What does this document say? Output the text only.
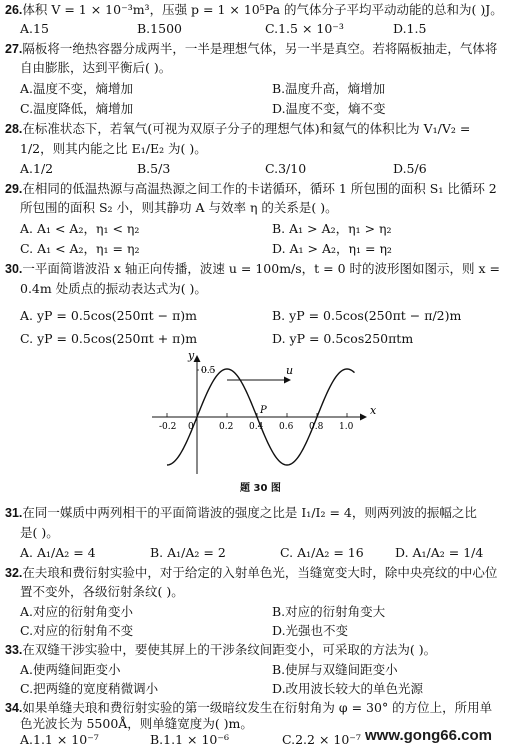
26.体积 V = 1 × 10⁻³m³，压强 p = 1 × 10⁵Pa 的气体分子平均平动动能的总和为( )J。
A.15	B.1500	C.1.5 × 10⁻³	D.1.5
27.隔板将一绝热容器分成两半，一半是理想气体，另一半是真空。若将隔板抽走，气体将
自由膨胀，达到平衡后( )。
A.温度不变，熵增加	B.温度升高，熵增加
C.温度降低，熵增加	D.温度不变，熵不变
28.在标准状态下，若氧气(可视为双原子分子的理想气体)和氦气的体积比为 V₁/V₂ =
1/2，则其内能之比 E₁/E₂ 为( )。
A.1/2	B.5/3	C.3/10	D.5/6
29.在相同的低温热源与高温热源之间工作的卡诺循环，循环 1 所包围的面积 S₁ 比循环 2
所包围的面积 S₂ 小，则其静功 A 与效率 η 的关系是( )。
A. A₁ < A₂，η₁ < η₂	B. A₁ > A₂，η₁ > η₂
C. A₁ < A₂，η₁ = η₂	D. A₁ > A₂，η₁ = η₂
30.一平面简谐波沿 x 轴正向传播，波速 u = 100m/s，t = 0 时的波形图如图示，则 x =
0.4m 处质点的振动表达式为( )。
A. yP = 0.5cos(250πt − π)m	B. yP = 0.5cos(250πt − π/2)m
C. yP = 0.5cos(250πt + π)m	D. yP = 0.5cos250πtm
u
y
x
0.5
P
-0.2 0	0.2 0.4 0.6 0.8 1.0
题 30 图
31.在同一媒质中两列相干的平面简谐波的强度之比是 I₁/I₂ = 4，则两列波的振幅之比
是( )。
A. A₁/A₂ = 4	B. A₁/A₂ = 2	C. A₁/A₂ = 16	D. A₁/A₂ = 1/4
32.在夫琅和费衍射实验中，对于给定的入射单色光，当缝宽变大时，除中央亮纹的中心位
置不变外，各级衍射条纹( )。
A.对应的衍射角变小	B.对应的衍射角变大
C.对应的衍射角不变	D.光强也不变
33.在双缝干涉实验中，要使其屏上的干涉条纹间距变小，可采取的方法为( )。
A.使两缝间距变小	B.使屏与双缝间距变小
C.把两缝的宽度稍微调小	D.改用波长较大的单色光源
34.如果单缝夫琅和费衍射实验的第一级暗纹发生在衍射角为 φ = 30° 的方位上，所用单
色光波长为 5500Å，则单缝宽度为( )m。
A.1.1 × 10⁻⁷	B.1.1 × 10⁻⁶	C.2.2 × 10⁻⁷ www.gong66.com
